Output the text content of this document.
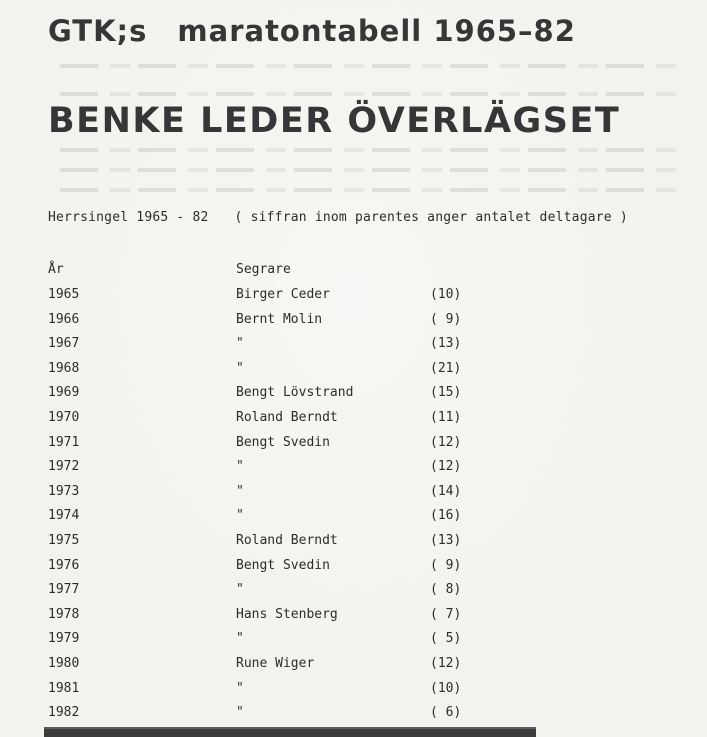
GTK;s maratontabell 1965–82
BENKE LEDER ÖVERLÄGSET
Herrsingel 1965 - 82 ( siffran inom parentes anger antalet deltagare )
År	Segrare
1965	Birger Ceder	(10)
1966	Bernt Molin	( 9)
1967	"	(13)
1968	"	(21)
1969	Bengt Lövstrand	(15)
1970	Roland Berndt	(11)
1971	Bengt Svedin	(12)
1972	"	(12)
1973	"	(14)
1974	"	(16)
1975	Roland Berndt	(13)
1976	Bengt Svedin	( 9)
1977	"	( 8)
1978	Hans Stenberg	( 7)
1979	"	( 5)
1980	Rune Wiger	(12)
1981	"	(10)
1982	"	( 6)
